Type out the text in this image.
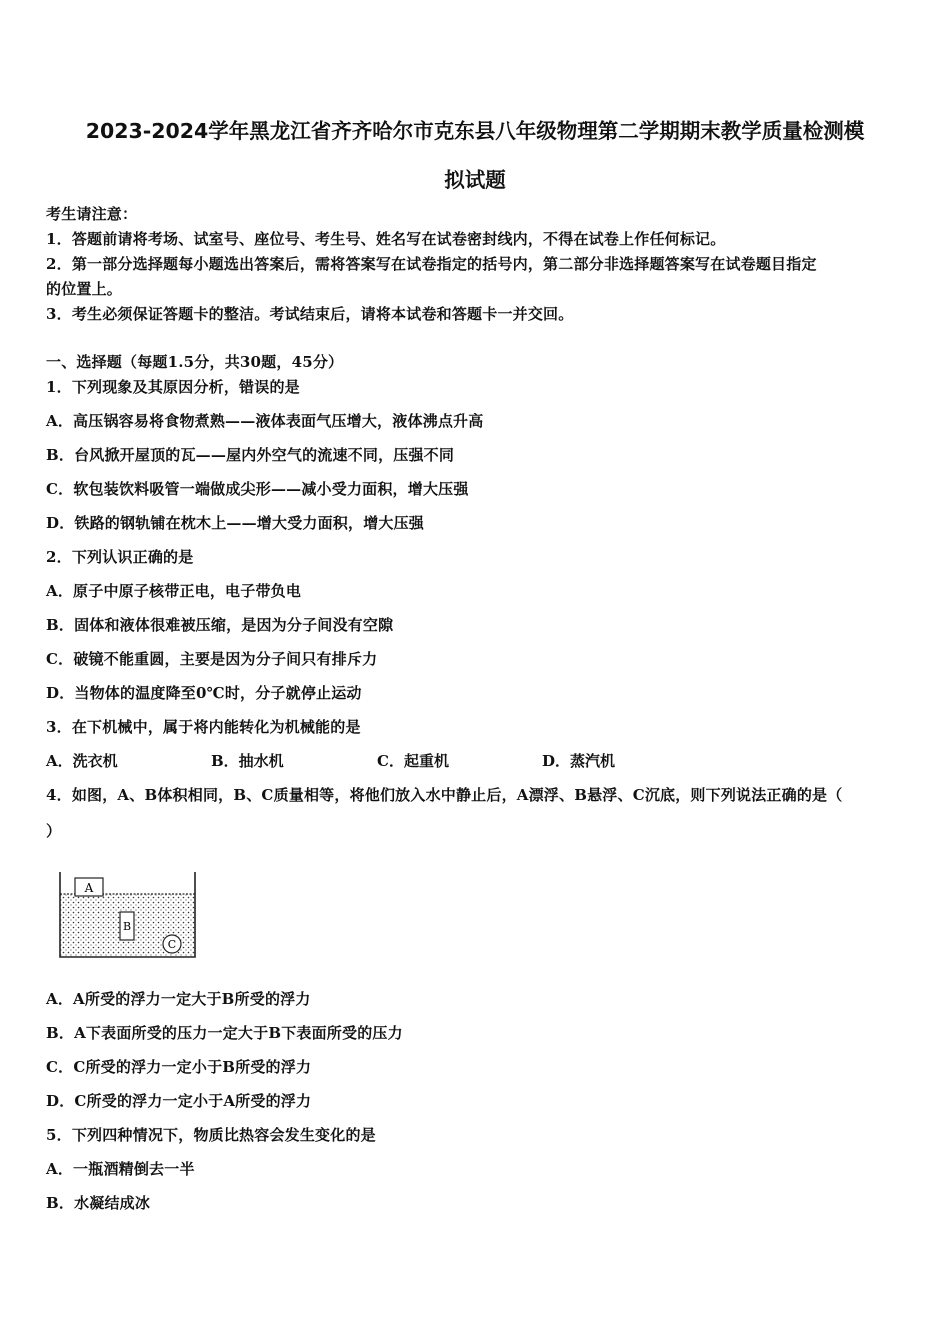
2023-2024学年黑龙江省齐齐哈尔市克东县八年级物理第二学期期末教学质量检测模
拟试题
考生请注意：
1．答题前请将考场、试室号、座位号、考生号、姓名写在试卷密封线内，不得在试卷上作任何标记。
2．第一部分选择题每小题选出答案后，需将答案写在试卷指定的括号内，第二部分非选择题答案写在试卷题目指定
的位置上。
3．考生必须保证答题卡的整洁。考试结束后，请将本试卷和答题卡一并交回。
一、选择题（每题1.5分，共30题，45分）
1．下列现象及其原因分析，错误的是
A．高压锅容易将食物煮熟——液体表面气压增大，液体沸点升高
B．台风掀开屋顶的瓦——屋内外空气的流速不同，压强不同
C．软包装饮料吸管一端做成尖形——减小受力面积，增大压强
D．铁路的钢轨铺在枕木上——增大受力面积，增大压强
2．下列认识正确的是
A．原子中原子核带正电，电子带负电
B．固体和液体很难被压缩，是因为分子间没有空隙
C．破镜不能重圆，主要是因为分子间只有排斥力
D．当物体的温度降至0℃时，分子就停止运动
3．在下机械中，属于将内能转化为机械能的是
A．洗衣机	B．抽水机	C．起重机	D．蒸汽机
4．如图，A、B体积相同，B、C质量相等，将他们放入水中静止后，A漂浮、B悬浮、C沉底，则下列说法正确的是（
）
A
B
C
A．A所受的浮力一定大于B所受的浮力
B．A下表面所受的压力一定大于B下表面所受的压力
C．C所受的浮力一定小于B所受的浮力
D．C所受的浮力一定小于A所受的浮力
5．下列四种情况下，物质比热容会发生变化的是
A．一瓶酒精倒去一半
B．水凝结成冰
